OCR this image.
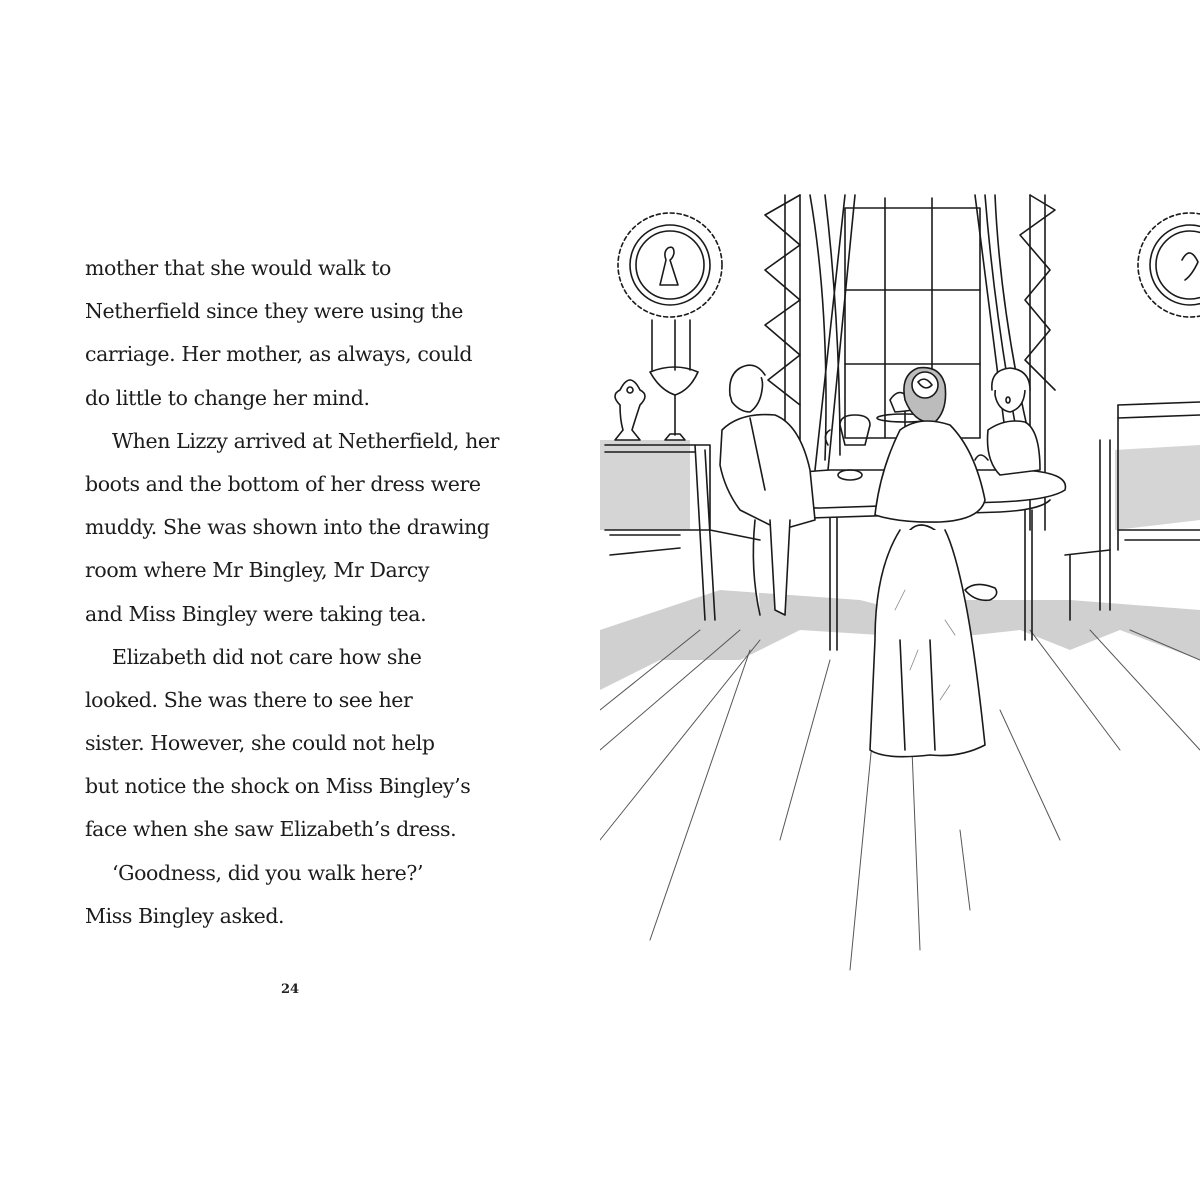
mother that she would walk to
Netherfield since they were using the
carriage. Her mother, as always, could
do little to change her mind.
When Lizzy arrived at Netherfield, her
boots and the bottom of her dress were
muddy. She was shown into the drawing
room where Mr Bingley, Mr Darcy
and Miss Bingley were taking tea.
Elizabeth did not care how she
looked. She was there to see her
sister. However, she could not help
but notice the shock on Miss Bingley’s
face when she saw Elizabeth’s dress.
‘Goodness, did you walk here?’
Miss Bingley asked.
24
